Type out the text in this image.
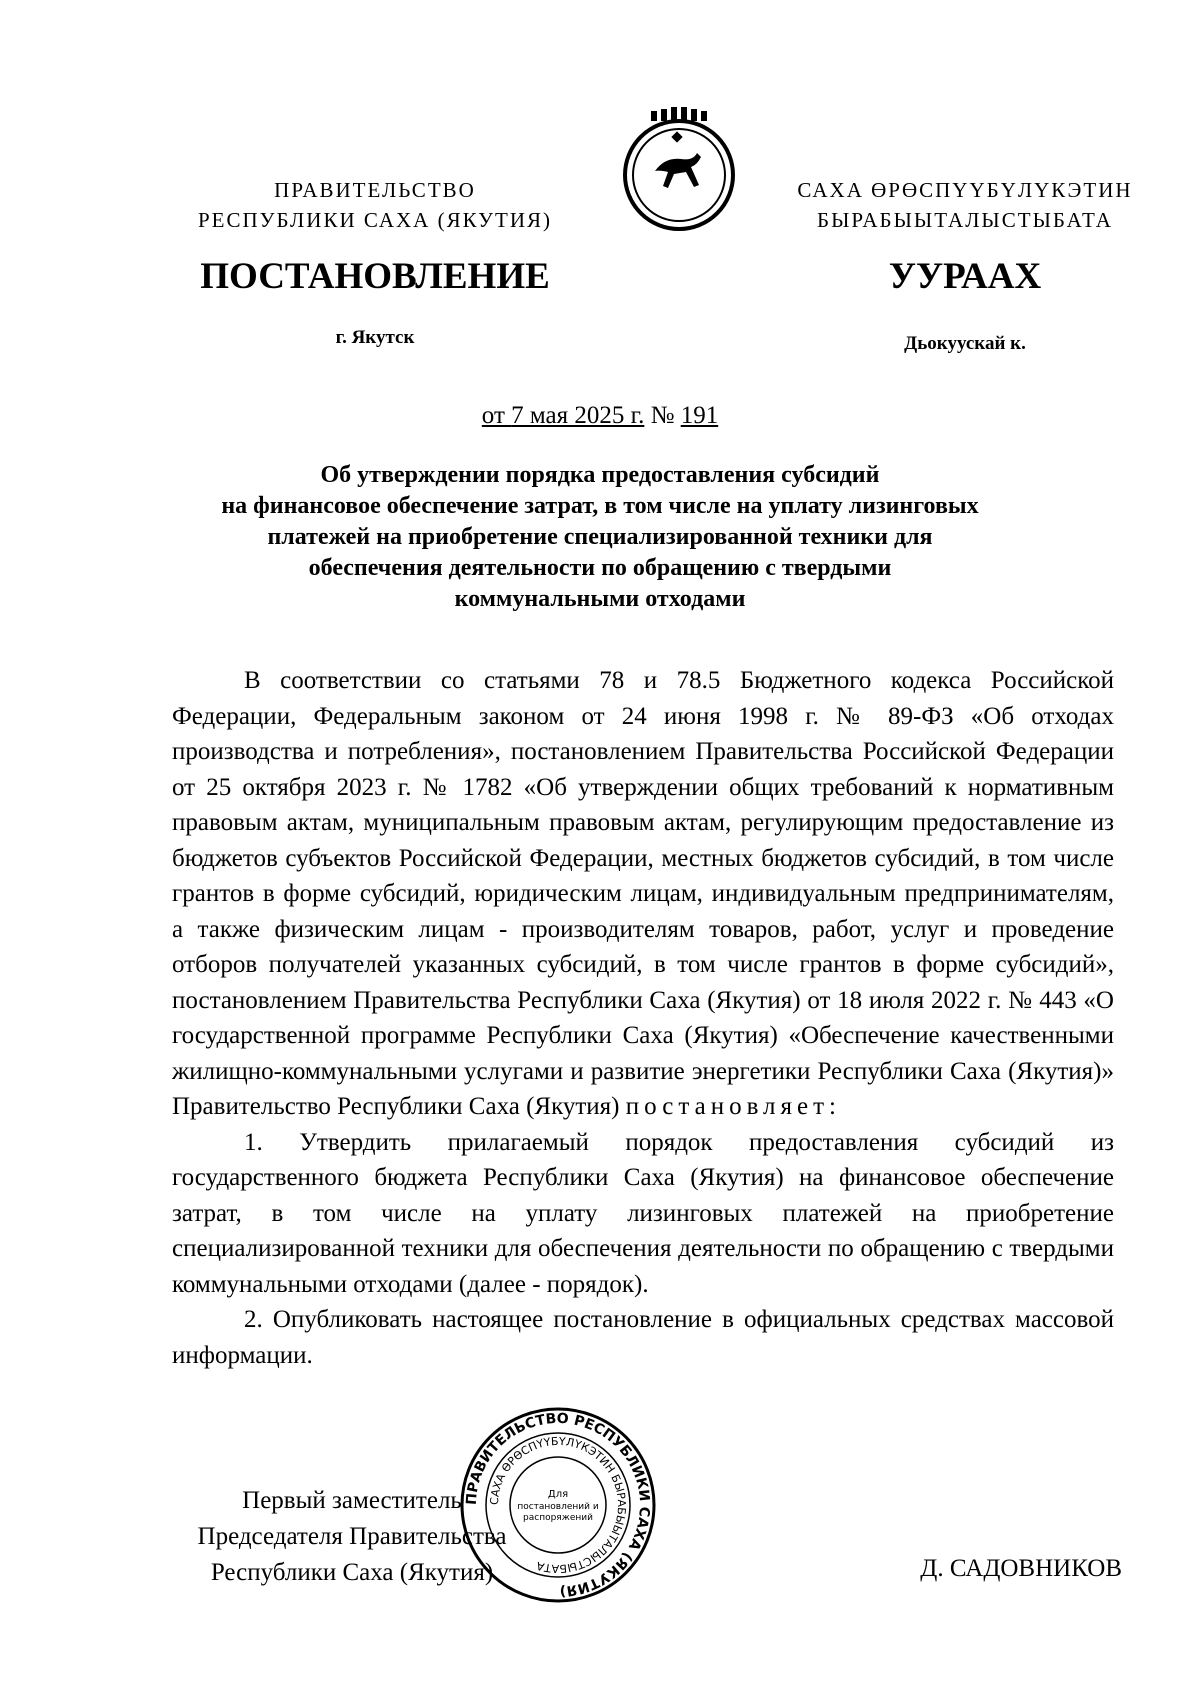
ПРАВИТЕЛЬСТВО
РЕСПУБЛИКИ САХА (ЯКУТИЯ)
САХА ӨРӨСПҮҮБҮЛҮКЭТИН
БЫРАБЫЫТАЛЫСТЫБАТА
ПОСТАНОВЛЕНИЕ	УУРААХ
г. Якутск	Дьокуускай к.
от 7 мая 2025 г. № 191
Об утверждении порядка предоставления субсидий
на финансовое обеспечение затрат, в том числе на уплату лизинговых
платежей на приобретение специализированной техники для
обеспечения деятельности по обращению с твердыми
коммунальными отходами

В соответствии со статьями 78 и 78.5 Бюджетного кодекса Российской Федерации, Федеральным законом от 24 июня 1998 г. № 89-ФЗ «Об отходах производства и потребления», постановлением Правительства Российской Федерации от 25 октября 2023 г. № 1782 «Об утверждении общих требований к нормативным правовым актам, муниципальным правовым актам, регулирующим предоставление из бюджетов субъектов Российской Федерации, местных бюджетов субсидий, в том числе грантов в форме субсидий, юридическим лицам, индивидуальным предпринимателям, а также физическим лицам - производителям товаров, работ, услуг и проведение отборов получателей указанных субсидий, в том числе грантов в форме субсидий», постановлением Правительства Республики Саха (Якутия) от 18 июля 2022 г. № 443 «О государственной программе Республики Саха (Якутия) «Обеспечение качественными жилищно-коммунальными услугами и развитие энергетики Республики Саха (Якутия)» Правительство Республики Саха (Якутия) постановляет:

1. Утвердить прилагаемый порядок предоставления субсидий из государственного бюджета Республики Саха (Якутия) на финансовое обеспечение затрат, в том числе на уплату лизинговых платежей на приобретение специализированной техники для обеспечения деятельности по обращению с твердыми коммунальными отходами (далее - порядок).

2. Опубликовать настоящее постановление в официальных средствах массовой информации.

Первый заместитель
Председателя Правительства
Республики Саха (Якутия)
ПРАВИТЕЛЬСТВО РЕСПУБЛИКИ САХА (ЯКУТИЯ)
САХА ӨРӨСПҮҮБҮЛҮКЭТИН БЫРАБЫЫТАЛЫСТЫБАТА
Для
постановлений и
распоряжений
Д. САДОВНИКОВ
